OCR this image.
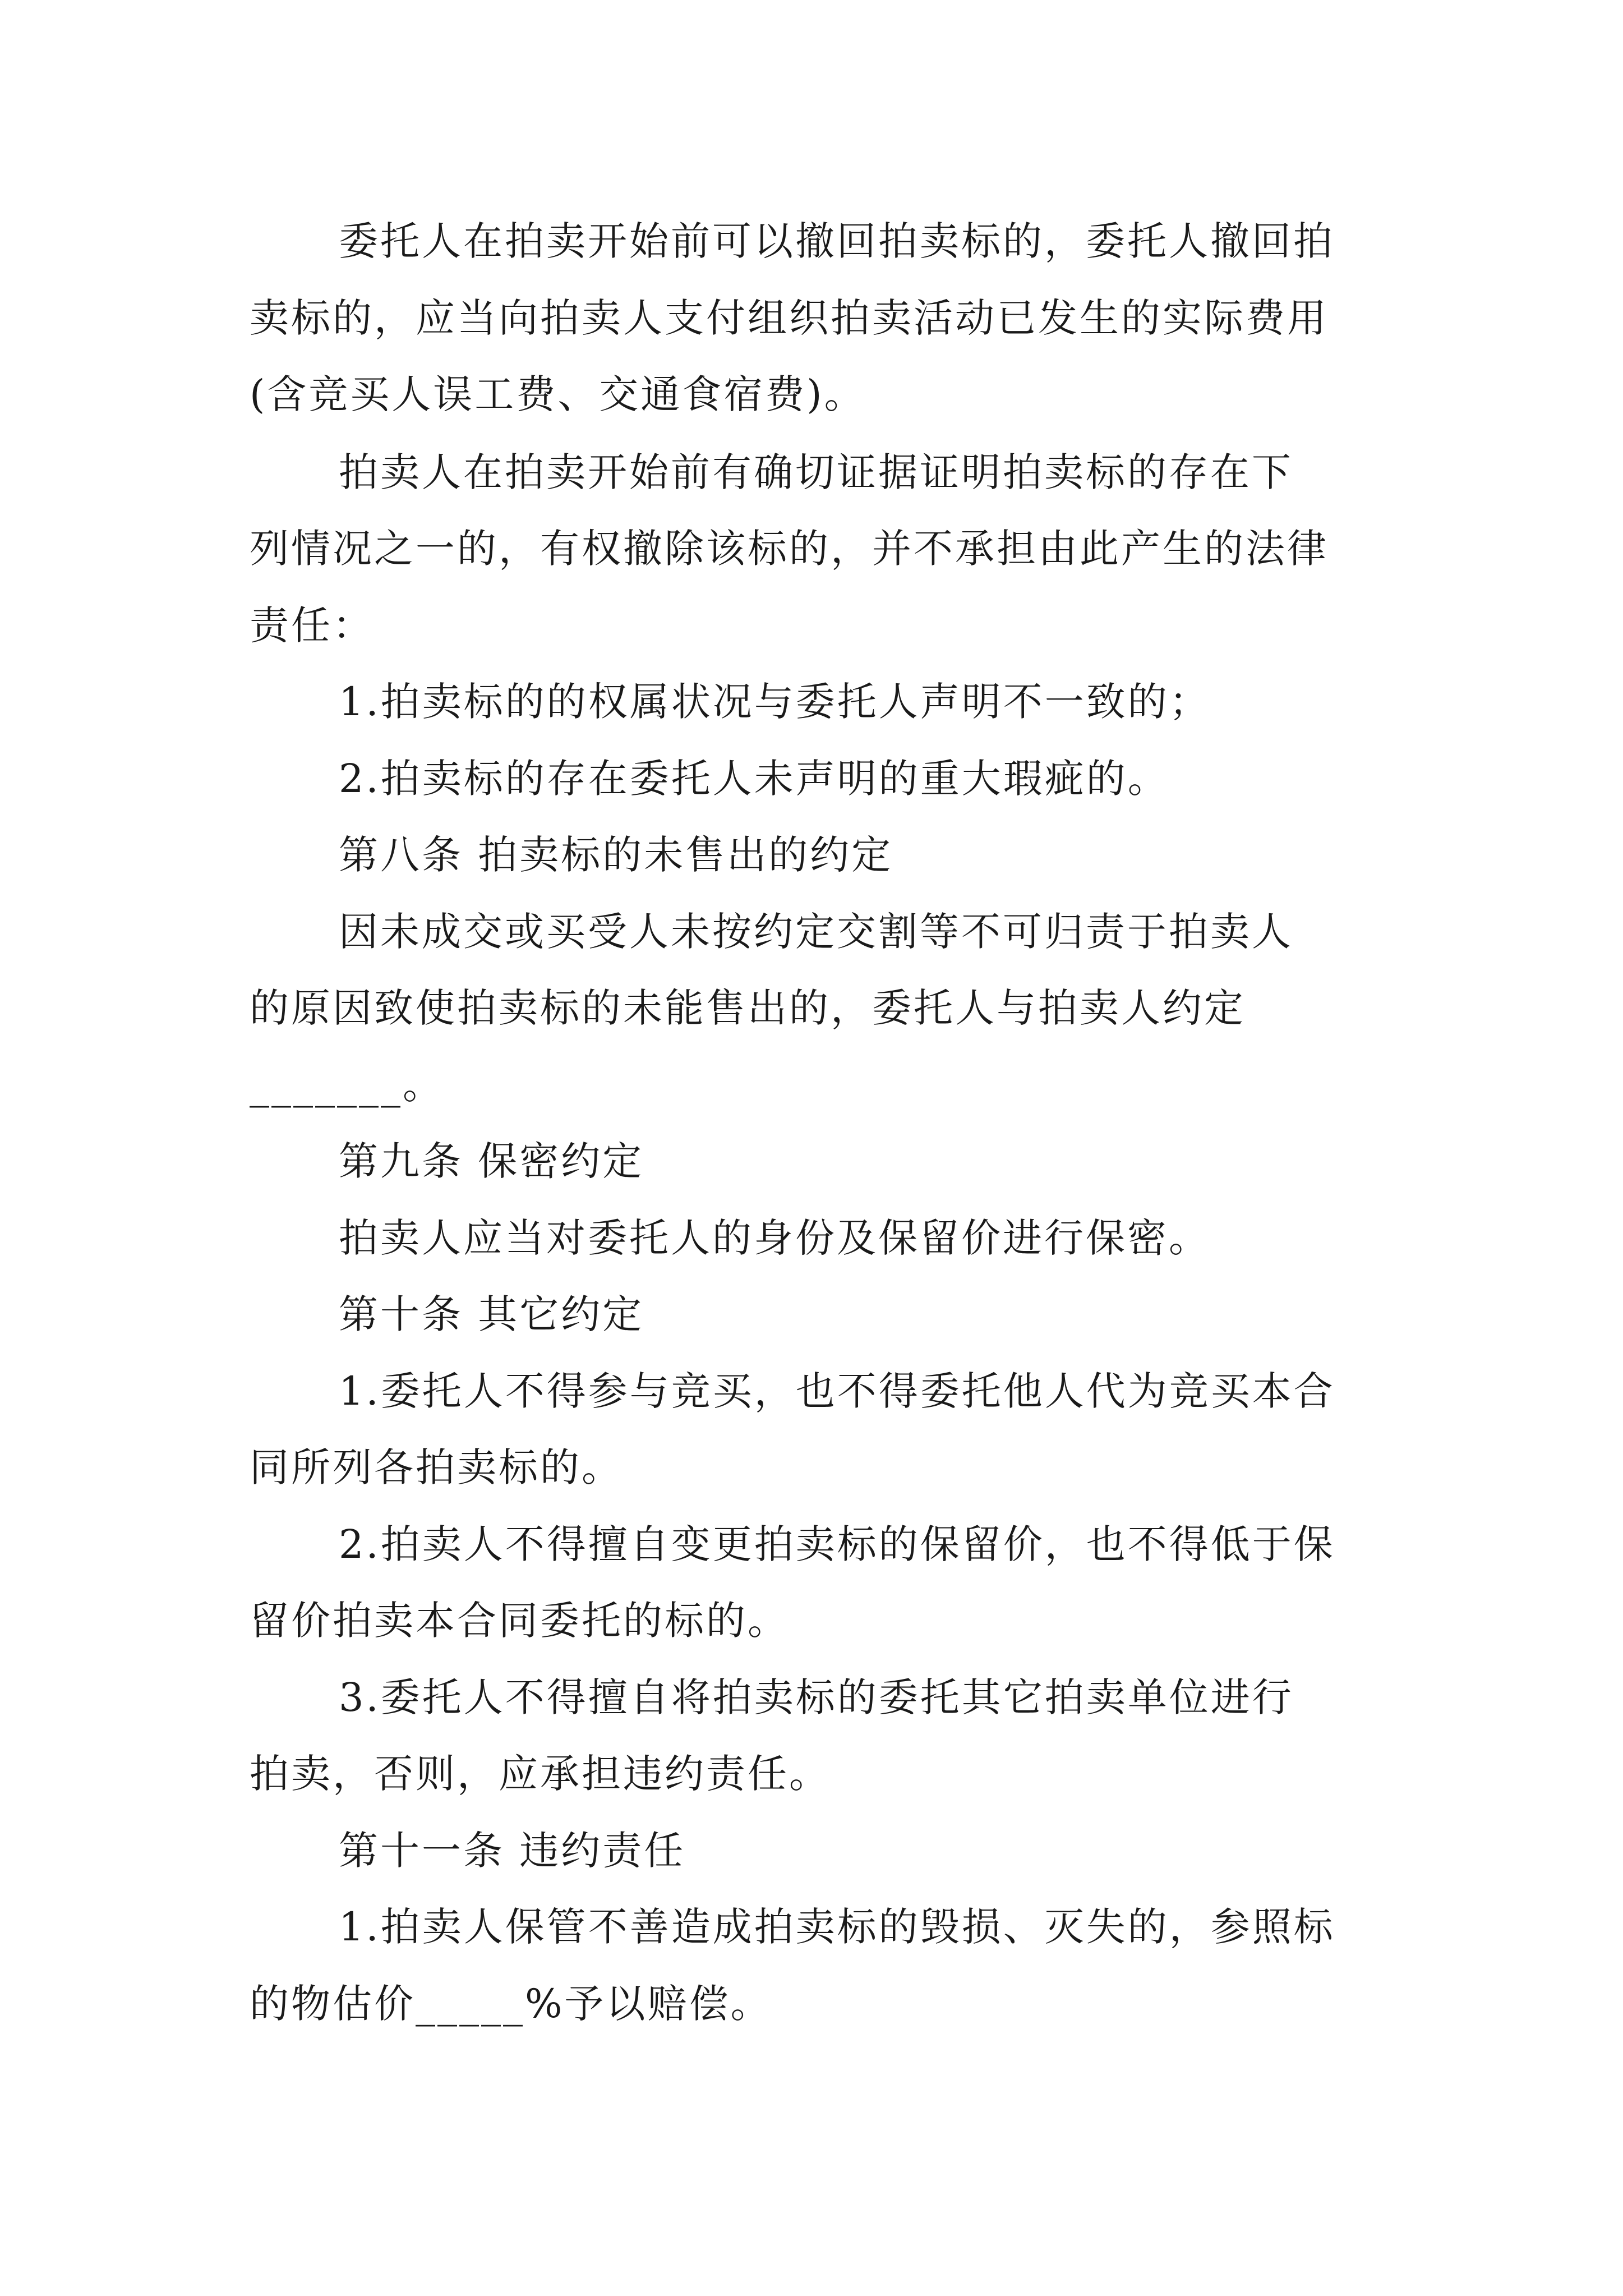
委托人在拍卖开始前可以撤回拍卖标的，委托人撤回拍
卖标的，应当向拍卖人支付组织拍卖活动已发生的实际费用
(含竞买人误工费、交通食宿费)。
拍卖人在拍卖开始前有确切证据证明拍卖标的存在下
列情况之一的，有权撤除该标的，并不承担由此产生的法律
责任：
1.拍卖标的的权属状况与委托人声明不一致的；
2.拍卖标的存在委托人未声明的重大瑕疵的。
第八条 拍卖标的未售出的约定
因未成交或买受人未按约定交割等不可归责于拍卖人
的原因致使拍卖标的未能售出的，委托人与拍卖人约定
_______。
第九条 保密约定
拍卖人应当对委托人的身份及保留价进行保密。
第十条 其它约定
1.委托人不得参与竞买，也不得委托他人代为竞买本合
同所列各拍卖标的。
2.拍卖人不得擅自变更拍卖标的保留价，也不得低于保
留价拍卖本合同委托的标的。
3.委托人不得擅自将拍卖标的委托其它拍卖单位进行
拍卖，否则，应承担违约责任。
第十一条 违约责任
1.拍卖人保管不善造成拍卖标的毁损、灭失的，参照标
的物估价_____%予以赔偿。
